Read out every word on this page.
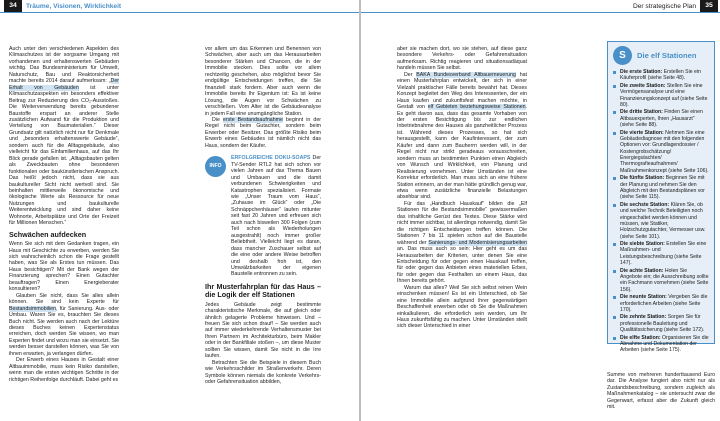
34	Träume, Visionen, Wirklichkeit

Auch unter den verschiedenen Aspekten des Klimaschutzes ist der sorgsame Umgang mit vorhandenen und erhaltenswerten Gebäuden wichtig. Das Bundesministerium für Umwelt, Naturschutz, Bau und Reaktorsicherheit machte bereits 2014 darauf aufmerksam: „Der Erhalt von Gebäuden ist unter Klimaschutzaspekten ein besonders effektiver Beitrag zur Reduzierung des CO₂-Ausstoßes. Die Weiterverwendung bereits gebundener Baustoffe erspart an anderer Stelle zusätzlichen Aufwand für die Produktion und Verteilung von Baumaterialien.“ Dieser Grundsatz gilt natürlich nicht nur für Denkmale und „besonders erhaltenswerte Gebäude“, sondern auch für die Alltagsgebäude, also vielleicht für das Einfamilienhaus, auf das Ihr Blick gerade gefallen ist. „Alltagsbauten gelten als Zweckbauten ohne besonderen funktionalen oder baukünstlerischen Anspruch. Das heißt jedoch nicht, dass sie aus baukultureller Sicht nicht wertvoll sind. Sie beinhalten mittlerweile ökonomische und ökologische Werte als Ressource für neue Nutzungen und baukulturelle Weiterentwicklung und sind daher keine Wohnorte, Arbeitsplätze und Orte der Freizeit für Millionen Menschen.“

Schwächen aufdecken

Wenn Sie sich mit dem Gedanken tragen, ein Haus mit Geschichte zu erwerben, werden Sie sich wahrscheinlich schon die Frage gestellt haben, was Sie als Erstes tun müssen. Das Haus besichtigen? Mit der Bank wegen der Finanzierung sprechen? Einen Gutachter beauftragen? Einen Energieberater konsultieren?

Glauben Sie nicht, dass Sie alles allein können. Sie sind kein Experte für Bestandsimmobilien, für Sanierung. Aus- oder Umbau. Waren Sie es, brauchten Sie dieses Buch nicht. Sie werden auch nach der Lektüre dieses Buches keinen Expertenstatus erreichen, doch werden Sie wissen, wo man Experten findet und wozu man sie einsetzt. Sie werden besser darstellen können, was Sie von ihnen erwarten, ja verlangen dürfen.

Der Erwerb eines Hauses in Gestalt einer Altbauimmobilie, muss kein Risiko darstellen, wenn man die ersten wichtigen Schritte in der richtigen Reihenfolge durchläuft. Dabei geht es

vor allem um das Erkennen und Benennen von Schwächen, aber auch um das Herausarbeiten besonderer Stärken und Chancen, die in der Immobilie stecken. Dies sollte vor allem rechtzeitig geschehen, also möglichst bevor Sie endgültige Entscheidungen treffen, die Sie finanziell stark fordern. Aber auch wenn die Immobilie bereits Ihr Eigentum ist: Es ist keine Lösung, die Augen vor Schwächen zu verschließen. Vom Alter ist die Gebäudeanalyse in jedem Fall eine unumgängliche Station.

Die erste Bestandsaufnahme beginnt in der Regel nicht beim Gutachter, sondern beim Erwerber oder Besitzer. Das größte Risiko beim Erwerb eines Gebäudes ist nämlich nicht das Haus, sondern der Käufer.

INFO

ERFOLGREICHE DOKU-SOAPS Der TV-Sender RTL2 hat sich schon vor vielen Jahren auf das Thema Bauen und Umbauen und die damit verbundenen Schwierigkeiten und Katastrophen spezialisiert. Formate wie „Unser Traum vom Haus“, „Zuhause im Glück“ oder „Die Schnäppchenhäuser“ laufen mitunter seit fast 20 Jahren und erfreuen sich auch nach bisweilen 300 Folgen (zum Teil schon als Wiederholungen ausgestrahlt) noch immer großer Beliebtheit. Vielleicht liegt es daran, dass mancher Zuschauer selbst auf die eine oder andere Weise betroffen und deshalb froh ist, den Umwälzbarkeiten der eigenen Baustelle entronnen zu sein.

Ihr Musterfahrplan für das Haus – die Logik der elf Stationen

Jedes Gebäude zeigt bestimmte charakteristische Merkmale, die auf gleich oder ähnlich gelagerte Probleme hinweisen. Und – freuen Sie sich schon drauf! – Sie werden auch auf immer wiederkehrende Verhaltensmuster bei Ihren Partnern im Architekturbüro, beim Makler oder in der Bankfiliale stoßen –, um diese Muster sollten Sie wissen, damit Sie nicht in die Irre laufen.

Betrachten Sie die Beispiele in diesem Buch wie Verkehrsschilder im Straßenverkehr. Deren Symbole können niemals die konkrete Verkehrs- oder Gefahrensituation abbilden,

Der strategische Plan	35

aber sie machen dort, wo sie stehen, auf diese ganz besondere Verkehrs- oder Gefahrensituation aufmerksam. Richtig reagieren und situationsadäquat handeln müssen Sie selbst.

Der BAKA Bundesverband Altbauerneuerung hat einen Musterfahrplan entwickelt, der sich in einer Vielzahl praktischer Fälle bereits bewährt hat. Dieses Konzept begleitet den Weg des Interessenten, der ein Haus kaufen und zukunftsfest machen möchte, in Gestalt von elf Gebieten beziehungsweise Stationen. Es geht davon aus, dass das gesamte Vorhaben von der ersten Besichtigung bis zur endlichen Inbetriebnahme des Hauses als ganzheitlicher Prozess ist. Während dieses Prozesses, so hat sich herausgestellt, kann der Kaufinteressent, der zum Käufer und dann zum Bauherrn werden will, in der Regel nicht nur strikt geradeaus vorausschreiten, sondern muss an bestimmten Punkten einen Abgleich von Wunsch und Wirklichkeit, von Planung und Realisierung vornehmen. Unter Umständen ist eine Korrektur erforderlich. Man muss sich an eine frühere Station erinnern, an der man hätte gründlich genug war, etwa wenn zusätzliche finanzielle Belastungen absehbar sind.

Für das „Handbuch Hauskauf“ bilden die „Elf Stationen für die Bestandsimmobilie“ gewissermaßen das inhaltliche Gerüst des Textes. Diese Stärke wird nicht immer sichtbar, ist allerdings notwendig, damit Sie die richtigen Entscheidungen treffen können. Die Stationen 7 bis 11 spielen schon auf die Baustelle während der Sanierungs- und Modernisierungsarbeiten an. Das muss auch so sein: Hier geht es um das Herausarbeiten der Kriterien, unter denen Sie eine Entscheidung für oder gegen einen Hauskauf treffen, für oder gegen das Anbieten eines materiellen Erbes, für oder gegen das Festhalten an einem Haus, das Ihnen bereits gehört.

Warum das alles? Weil Sie sich selbst reinen Wein einschenken müssen! Es ist ein Unterschied, ob Sie eine Immobilie allein aufgrund ihrer gegenwärtigen Beschaffenheit erwerben oder ob Sie die Maßnahmen einkalkulieren, die erforderlich sein werden, um Ihr Haus zukunftsfähig zu machen. Unter Umständen stellt sich dieser Unterschied in einer

S	Die elf Stationen
Die erste Station: Erstellen Sie ein Käuferprofil (siehe Seite 48).
Die zweite Station: Stellen Sie eine Vermögensanalyse und eine Finanzierungskonzept auf (siehe Seite 80).
Die dritte Station: Finden Sie einen Altbauexperten, Ihren „Hausarzt“ (siehe Seite 88).
Die vierte Station: Nehmen Sie eine Gebäudediagnose mit den folgenden Optionen vor: Grundlagendossier / Kostengrobschätzung/ Energiegutachten/ Thermografieaufnahmen/ Maßnahmenkonzept (siehe Seite 106).
Die fünfte Station: Beginnen Sie mit der Planung und nehmen Sie den Abgleich mit den Bestandsplänen vor (siehe Seite 115).
Die sechste Station: Klären Sie, ob und welche Technik Beteiligten noch eingeschaltet werden können und müssen, wie Statiker, Holzschutzgutachter, Vermesser usw. (siehe Seite 101).
Die siebte Station: Erstellen Sie eine Maßnahmen- und Leistungsbeschreibung (siehe Seite 147).
Die achte Station: Holen Sie Angebote ein; die Ausschreibung sollte ein Fachmann vornehmen (siehe Seite 156).
Die neunte Station: Vergeben Sie die erforderlichen Arbeiten (siehe Seite 170).
Die zehnte Station: Sorgen Sie für professionelle Bauleitung und Qualitätssicherung (siehe Seite 172).
Die elfte Station: Organisieren Sie die Abnahme und Dokumentation der Arbeiten (siehe Seite 175).
Summe von mehreren hunderttausend Euro dar. Die Analyse fungiert also nicht nur als Zustandsbeschreibung, sondern zugleich als Maßnahmenkatalog – sie untersucht zwar die Gegenwart, erfasst aber die Zukunft gleich mit.
